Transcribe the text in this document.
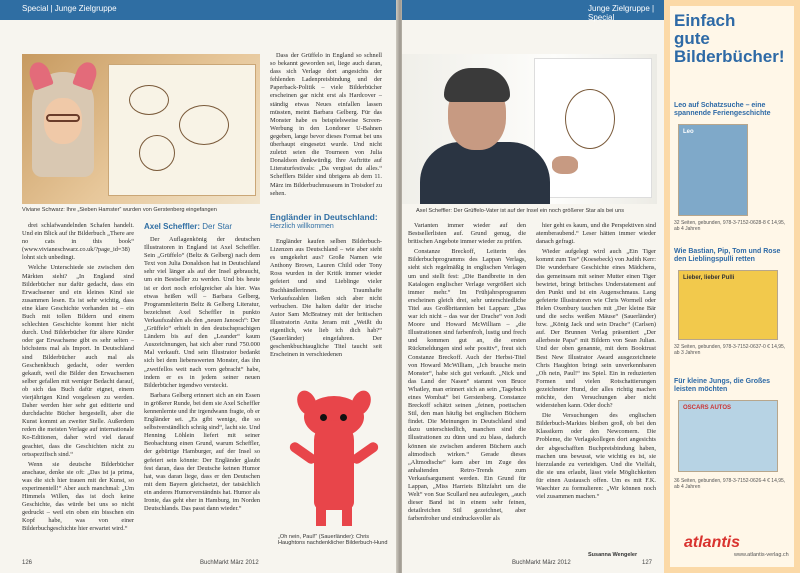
Special | Junge Zielgruppe
Viviane Schwarz: Ihre „Sieben Hamster“ wurden von Gerstenberg eingefangen

Dass der Grüffelo in England so schnell so bekannt geworden sei, liege auch daran, dass sich Verlage dort angesichts der fehlenden Ladenpreisbindung und der Paperback-Politik – viele Bilderbücher erscheinen gar nicht erst als Hardcover – ständig etwas Neues einfallen lassen müssten, meint Barbara Gelberg. Für das Monster habe es beispielsweise Screen-Werbung in den Londoner U-Bahnen gegeben, lange bevor dieses Format bei uns überhaupt eingesetzt wurde. Und nicht zuletzt seien die Tourneen von Julia Donaldson denkwürdig. Ihre Auftritte auf Literaturfestivals: „Da vergisst du alles.“ Schefflers Bilder sind übrigens ab dem 11. März im Bilderbuchmuseum in Troisdorf zu sehen.

Engländer in Deutschland:
Herzlich willkommen

Engländer kaufen selben Bilderbuch-Lizenzen aus Deutschland – wie aber sieht es umgekehrt aus? Große Namen wie Anthony Brown, Lauren Child oder Tony Ross wurden in der Kritik immer wieder gefeiert und sind Lieblinge vieler Buchhändlerinnen. Traumhafte Verkaufszahlen ließen sich aber nicht verbuchen. Die halten dafür der irische Autor Sam McBratney mit der britischen Illustratorin Anita Jeram mit „Weißt du eigentlich, wie lieb ich dich hab?“ (Sauerländer) eingefahren. Der geschenkbuchtaugliche Titel taucht seit Erscheinen in verschiedenen

drei schlafwandelnden Schafen handelt. Und ein Blick auf ihr Bilderbuch „There are no cats in this book“ (www.vivianeschwarz.co.uk/?page_id=38) lohnt sich unbedingt.

Welche Unterschiede sie zwischen den Märkten sieht? „In England sind Bilderbücher nur dafür gedacht, dass ein Erwachsener und ein kleines Kind sie zusammen lesen. Es ist sehr wichtig, dass eine klare Geschichte vorhanden ist – ein Buch mit tollen Bildern und einem schlechten Geschichte kommt hier nicht durch. Und Bilderbücher für ältere Kinder oder gar Erwachsene gibt es sehr selten – höchstens mal als Import. In Deutschland sind Bilderbücher auch mal als Geschenkbuch gedacht, oder werden gekauft, weil die Bilder den Erwachsenen selber gefallen mit weniger Bedacht darauf, ob sich das Buch dafür eignet, einem vierjährigen Kind vorgelesen zu werden. Daher werden hier sehr gut editierte und durchdachte Bücher hergestellt, aber die Kunst kommt an zweiter Stelle. Außerdem reden die meisten Verlage auf internationale Ko-Editionen, daher wird viel darauf geachtet, dass die Geschichten nicht zu ortsspezifisch sind.“

Wenn sie deutsche Bilderbücher anschaue, denke sie oft: „Das ist ja prima, was die sich hier trauen mit der Kunst, so experimentell!“ Aber auch manchmal: „Um Himmels Willen, das ist doch keine Geschichte, das würde bei uns so nicht gedruckt – weil ein oben ein bisschen ein Kopf habe, was von einer Bilderbuchgeschichte hier erwartet wird.“

Axel Scheffler: Der Star

Der Auflagenkönig der deutschen Illustratoren in England ist Axel Scheffler. Sein „Grüffelo“ (Beltz & Gelberg) nach dem Text von Julia Donaldson hat in Deutschland sehr viel länger als auf der Insel gebraucht, um ein Bestseller zu werden. Und bis heute ist er dort noch erfolgreicher als hier. Was etwas heißen will – Barbara Gelberg, Programmleiterin Beltz & Gelberg Literatur, bezeichnet Axel Scheffler in punkto Verkaufszahlen als den „neuen Janosch“: Der „Grüffelo“ erhielt in den deutschsprachigen Ländern bis auf den „Leander“ kaum Auszeichnungen, hat sich aber rund 750.000 Mal verkauft. Und sein Illustrator bedankt sich bei dem liebenswerten Monster, das ihn „zweifellos weit nach vorn gebracht“ habe, indem er es in jedem seiner neuen Bilderbücher irgendwo versteckt.

Barbara Gelberg erinnert sich an ein Essen in größerer Runde, bei dem sie Axel Scheffler kennenlernte und ihr irgendwann fragte, ob er Engländer sei. „Es gibt wenige, die so selbstverständlich schräg sind“, lacht sie. Und Henning Löhlein liefert mit seiner Beobachtung einen Grund, warum Scheffler, der gebürtige Hamburger, auf der Insel so gefeiert sein könnte: Der Engländer glaubt fest daran, dass der Deutsche keinen Humor hat, was daran liege, dass er den Deutschen mit dem Bayern gleichsetzt, der tatsächlich ein anderes Humorverständnis hat. Humor als Ironie, das geht eher in Hamburg, im Norden Deutschlands. Das passt dann wieder.“

„Oh nein, Paul!“ (Sauerländer): Chris Haughtons nachdenklicher Bilderbuch-Hund
126	BuchMarkt März 2012
Junge Zielgruppe | Special
Axel Scheffler: Der Grüffelo-Vater ist auf der Insel ein noch größerer Star als bei uns

Varianten immer wieder auf den Bestsellerlisten auf. Grund genug, die britischen Angebote immer wieder zu prüfen.

Constanze Breckoff, Leiterin des Bilderbuchprogramms des Lappan Verlags, sieht sich regelmäßig in englischen Verlagen um und stellt fest: „Die Bandbreite in den Katalogen englischer Verlage vergrößert sich immer mehr.“ Im Frühjahrsprogramm erscheinen gleich drei, sehr unterschiedliche Titel aus Großbritannien bei Lappan: „Das war ich nicht – das war der Drache“ von Jodi Moore und Howard McWilliam – „die Illustrationen sind farbenfroh, lustig und frech und kommen gut an, die ersten Rückmeldungen sind sehr positiv“, freut sich Constanze Breckoff. Auch der Herbst-Titel von Howard McWilliam, „Ich brauche mein Monster“, habe sich gut verkauft. „Nick und das Land der Nasen“ stammt von Bruce Whatley, man erinnert sich an sein „Tagebuch eines Wombat“ bei Gerstenberg. Constanze Breckoff schätzt seinen „feinen, poetischen Stil, den man häufig bei englischen Büchern findet. Die Meinungen in Deutschland sind dazu unterschiedlich, manchen sind die Illustrationen zu dünn und zu blass, dadurch können sie zwischen anderen Büchern auch altmodisch wirken.“ Gerade dieses „Altmodische“ kam aber im Zuge des anhaltenden Retro-Trends zum Verkaufsargument werden. Ein Grund für Lappan, „Miss Harriets Blitzfahrt um die Welt“ von Sue Scullard neu aufzulegen, „auch dieser Band ist in einem sehr feinen, detailreichen Stil gezeichnet, aber farbenfroher und eindrucksvoller als

hier geht es kaum, und die Perspektiven sind atemberaubend.“ Leser hätten immer wieder danach gefragt.

Wieder aufgelegt wird auch „Ein Tiger kommt zum Tee“ (Koesebeck) von Judith Kerr: Die wunderbare Geschichte eines Mädchens, das gemeinsam mit seiner Mutter einen Tiger bewirtet, bringt britisches Understatement auf den Punkt und ist ein Augenschmaus. Lang gefeierte Illustratoren wie Chris Wormell oder Helen Oxenbury tauchen mit „Der kleine Bär und die sechs weißen Mäuse“ (Sauerländer) bzw. „König Jack und sein Drache“ (Carlsen) auf. Der Brunnen Verlag präsentiert „Der allerbeste Papa“ mit Bildern von Sean Julian. Und der oben genannte, mit dem Booktrust Best New Illustrator Award ausgezeichnete Chris Haughton bringt sein unverkennbaren „Oh nein, Paul!“ ins Spiel. Ein in reduzierten Formen und vielen Rotschattierungen gezeichneter Hund, der alles richtig machen möchte, den Versuchungen aber nicht widerstehen kann. Oder doch?

Die Versuchungen des englischen Bilderbuch-Marktes bleiben groß, ob bei den Klassikern oder den Newcomern. Die Probleme, die Verlagskollegen dort angesichts der abgeschafften Buchpreisbindung haben, machen uns bewusst, wie wichtig es ist, sie hierzulande zu verteidigen. Und die Vielfalt, die sie uns erlaubt, lässt viele Möglichkeiten für einen Austausch offen. Um es mit F.K. Waechter zu formulieren: „Wir können noch viel zusammen machen.“

Susanna Wengeler
BuchMarkt März 2012	127
Einfach
gute
Bilderbücher!
Leo auf Schatzsuche – eine spannende Feriengeschichte
Leo
32 Seiten, gebunden, 978-3-7152-0628-8 € 14,95, ab 4 Jahren
Wie Bastian, Pip, Tom und Rose den Lieblingspulli retten
Lieber, lieber Pulli
32 Seiten, gebunden, 978-3-7152-0637-0 € 14,95, ab 3 Jahren
Für kleine Jungs, die Großes leisten möchten
OSCARS AUTOS
36 Seiten, gebunden, 978-3-7152-0626-4 € 14,95, ab 4 Jahren
atlantis
www.atlantis-verlag.ch
